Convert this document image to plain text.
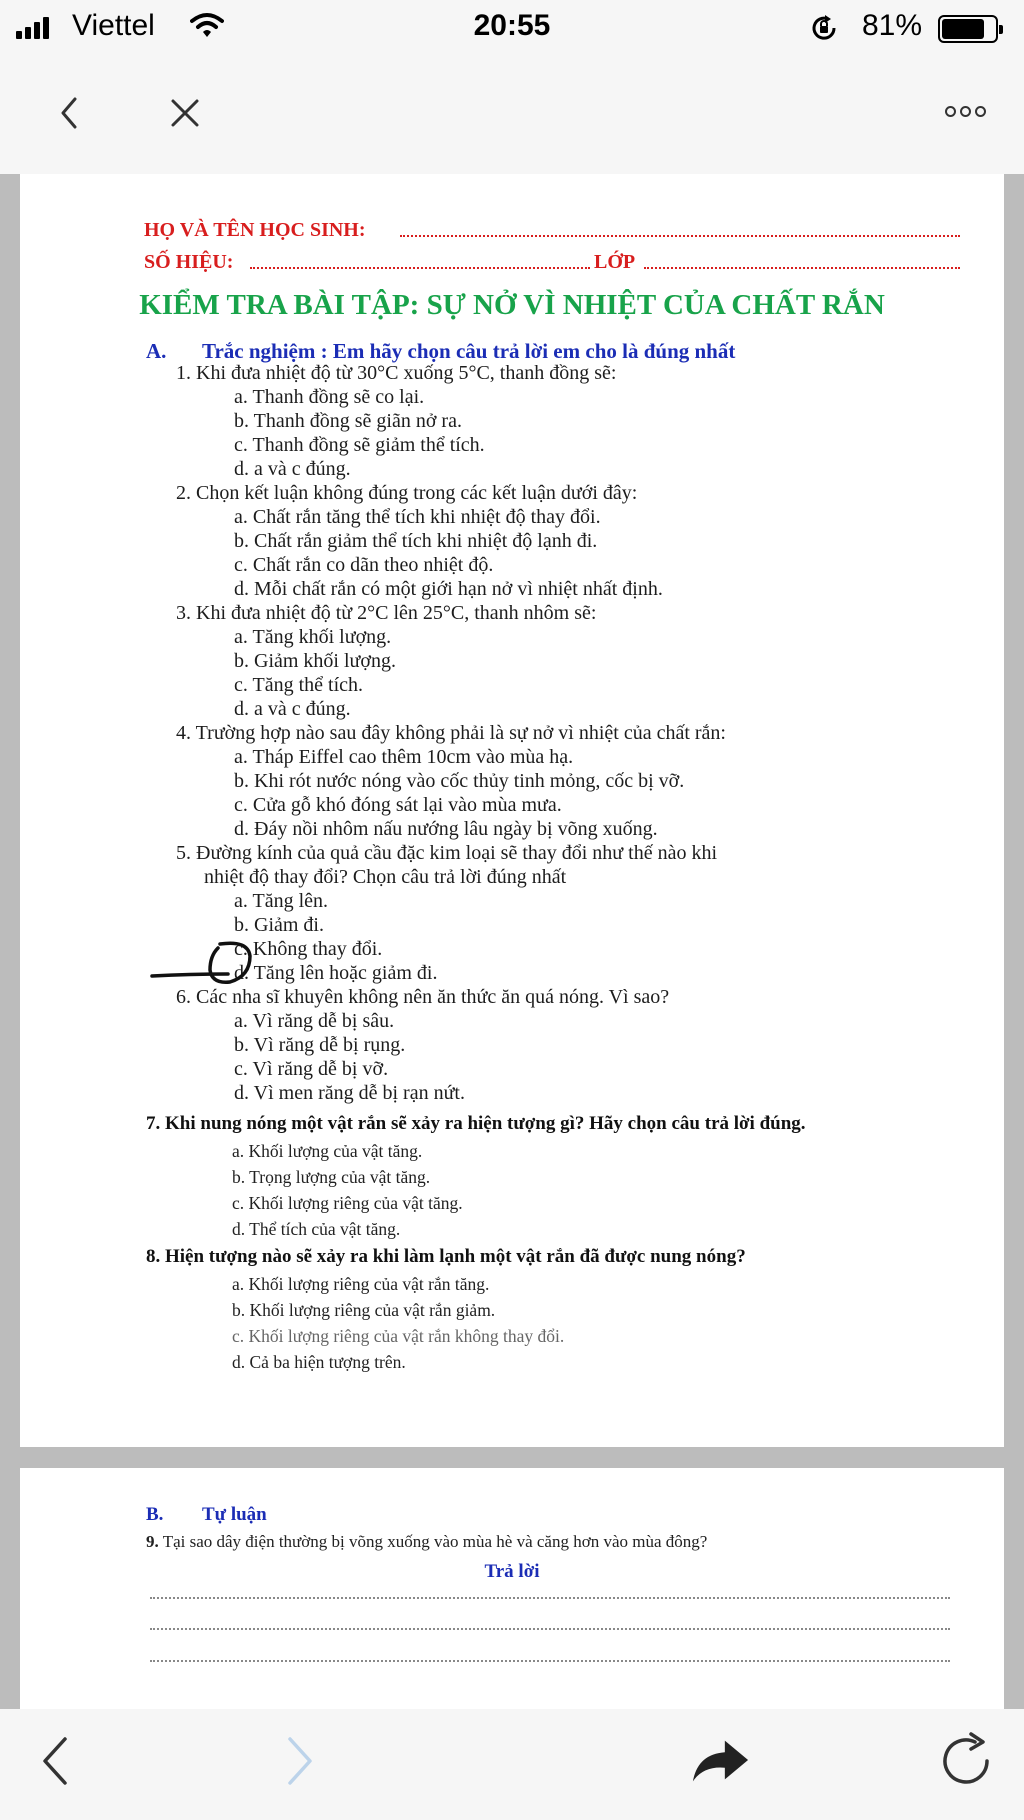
Viettel	20:55	81%
HỌ VÀ TÊN HỌC SINH:
SỐ HIỆU:	LỚP
KIỂM TRA BÀI TẬP: SỰ NỞ VÌ NHIỆT CỦA CHẤT RẮN
A. Trắc nghiệm : Em hãy chọn câu trả lời em cho là đúng nhất
1. Khi đưa nhiệt độ từ 30°C xuống 5°C, thanh đồng sẽ:
a. Thanh đồng sẽ co lại.
b. Thanh đồng sẽ giãn nở ra.
c. Thanh đồng sẽ giảm thể tích.
d. a và c đúng.
2. Chọn kết luận không đúng trong các kết luận dưới đây:
a. Chất rắn tăng thể tích khi nhiệt độ thay đổi.
b. Chất rắn giảm thể tích khi nhiệt độ lạnh đi.
c. Chất rắn co dãn theo nhiệt độ.
d. Mỗi chất rắn có một giới hạn nở vì nhiệt nhất định.
3. Khi đưa nhiệt độ từ 2°C lên 25°C, thanh nhôm sẽ:
a. Tăng khối lượng.
b. Giảm khối lượng.
c. Tăng thể tích.
d. a và c đúng.
4. Trường hợp nào sau đây không phải là sự nở vì nhiệt của chất rắn:
a. Tháp Eiffel cao thêm 10cm vào mùa hạ.
b. Khi rót nước nóng vào cốc thủy tinh mỏng, cốc bị vỡ.
c. Cửa gỗ khó đóng sát lại vào mùa mưa.
d. Đáy nồi nhôm nấu nướng lâu ngày bị võng xuống.
5. Đường kính của quả cầu đặc kim loại sẽ thay đổi như thế nào khi
nhiệt độ thay đổi? Chọn câu trả lời đúng nhất
a. Tăng lên.
b. Giảm đi.
c. Không thay đổi.
d. Tăng lên hoặc giảm đi.
6. Các nha sĩ khuyên không nên ăn thức ăn quá nóng. Vì sao?
a. Vì răng dễ bị sâu.
b. Vì răng dễ bị rụng.
c. Vì răng dễ bị vỡ.
d. Vì men răng dễ bị rạn nứt.
7. Khi nung nóng một vật rắn sẽ xảy ra hiện tượng gì? Hãy chọn câu trả lời đúng.
a. Khối lượng của vật tăng.
b. Trọng lượng của vật tăng.
c. Khối lượng riêng của vật tăng.
d. Thể tích của vật tăng.
8. Hiện tượng nào sẽ xảy ra khi làm lạnh một vật rắn đã được nung nóng?
a. Khối lượng riêng của vật rắn tăng.
b. Khối lượng riêng của vật rắn giảm.
c. Khối lượng riêng của vật rắn không thay đổi.
d. Cả ba hiện tượng trên.
B. Tự luận
9. Tại sao dây điện thường bị võng xuống vào mùa hè và căng hơn vào mùa đông?
Trả lời
